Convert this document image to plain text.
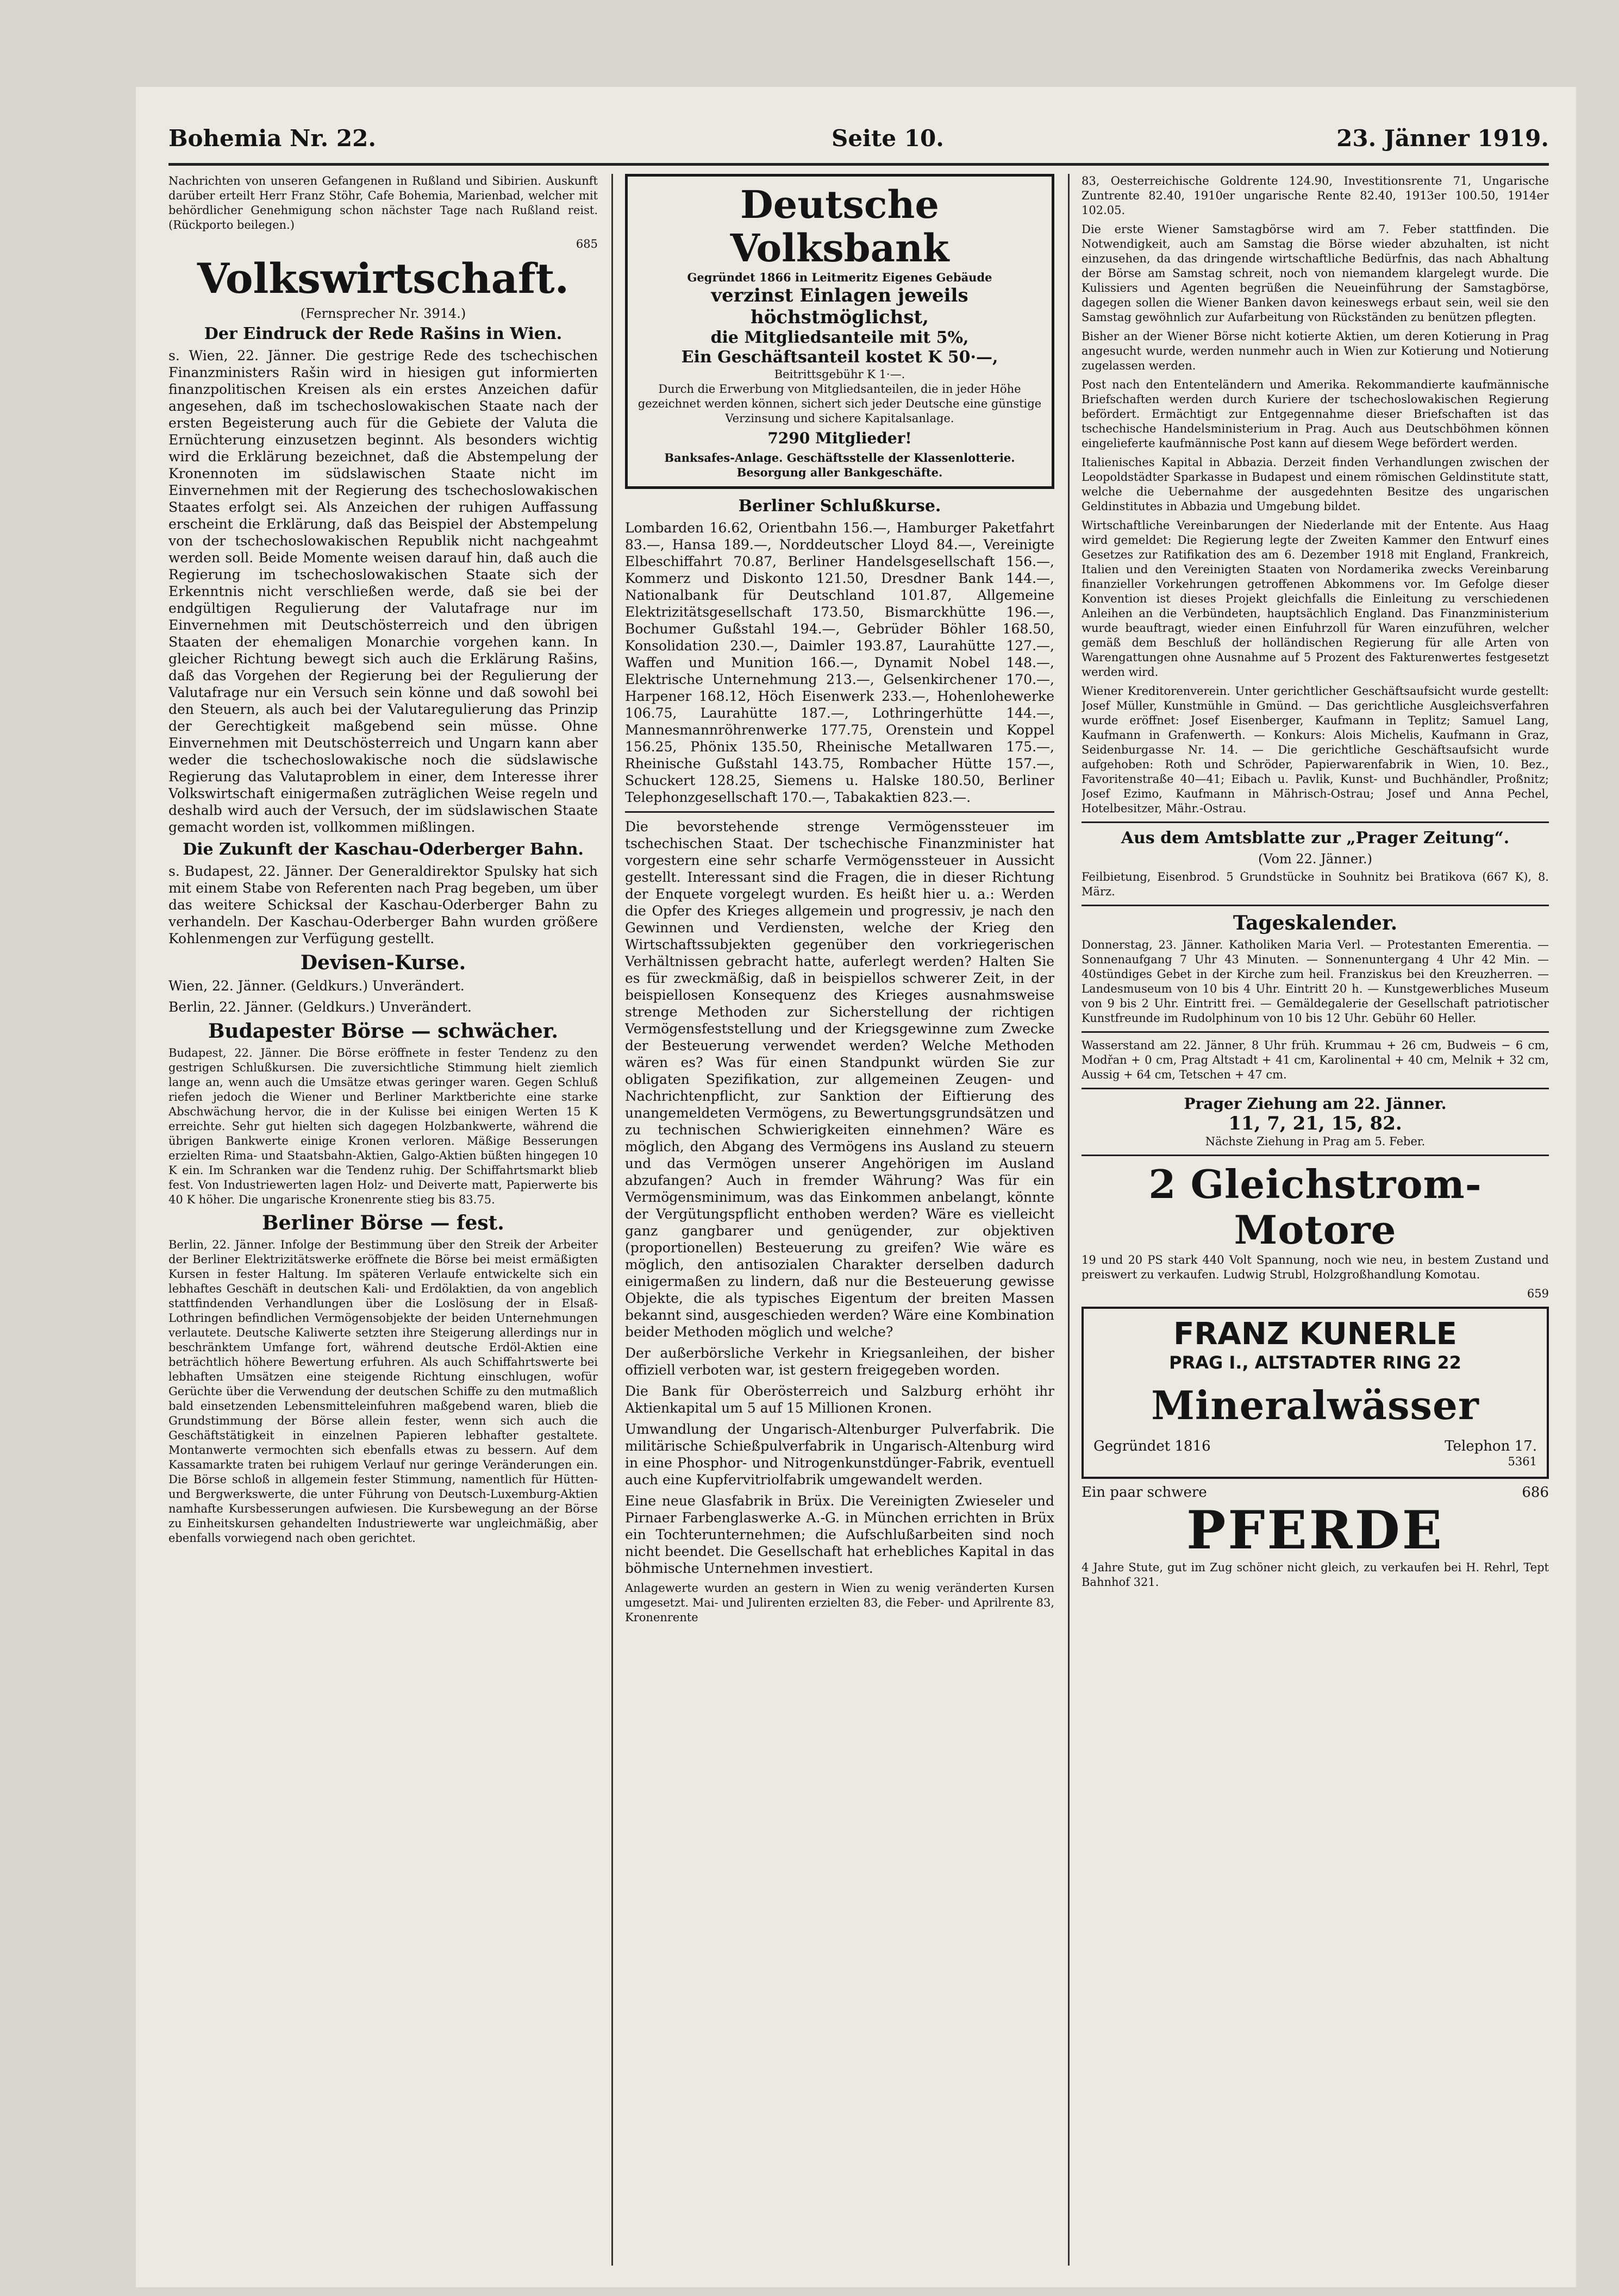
Bohemia Nr. 22.	Seite 10.	23. Jänner 1919.

Nachrichten von unseren Gefangenen in Rußland und Sibirien. Auskunft darüber erteilt Herr Franz Stöhr, Cafe Bohemia, Marienbad, welcher mit behördlicher Genehmigung schon nächster Tage nach Rußland reist. (Rückporto beilegen.)

685

Volkswirtschaft.
(Fernsprecher Nr. 3914.)
Der Eindruck der Rede Rašins in Wien.

s. Wien, 22. Jänner. Die gestrige Rede des tschechischen Finanzministers Rašin wird in hiesigen gut informierten finanzpolitischen Kreisen als ein erstes Anzeichen dafür angesehen, daß im tschechoslowakischen Staate nach der ersten Begeisterung auch für die Gebiete der Valuta die Ernüchterung einzusetzen beginnt. Als besonders wichtig wird die Erklärung bezeichnet, daß die Abstempelung der Kronennoten im südslawischen Staate nicht im Einvernehmen mit der Regierung des tschechoslowakischen Staates erfolgt sei. Als Anzeichen der ruhigen Auffassung erscheint die Erklärung, daß das Beispiel der Abstempelung von der tschechoslowakischen Republik nicht nachgeahmt werden soll. Beide Momente weisen darauf hin, daß auch die Regierung im tschechoslowakischen Staate sich der Erkenntnis nicht verschließen werde, daß sie bei der endgültigen Regulierung der Valutafrage nur im Einvernehmen mit Deutschösterreich und den übrigen Staaten der ehemaligen Monarchie vorgehen kann. In gleicher Richtung bewegt sich auch die Erklärung Rašins, daß das Vorgehen der Regierung bei der Regulierung der Valutafrage nur ein Versuch sein könne und daß sowohl bei den Steuern, als auch bei der Valutaregulierung das Prinzip der Gerechtigkeit maßgebend sein müsse. Ohne Einvernehmen mit Deutschösterreich und Ungarn kann aber weder die tschechoslowakische noch die südslawische Regierung das Valutaproblem in einer, dem Interesse ihrer Volkswirtschaft einigermaßen zuträglichen Weise regeln und deshalb wird auch der Versuch, der im südslawischen Staate gemacht worden ist, vollkommen mißlingen.

Die Zukunft der Kaschau-Oderberger Bahn.

s. Budapest, 22. Jänner. Der Generaldirektor Spulsky hat sich mit einem Stabe von Referenten nach Prag begeben, um über das weitere Schicksal der Kaschau-Oderberger Bahn zu verhandeln. Der Kaschau-Oderberger Bahn wurden größere Kohlenmengen zur Verfügung gestellt.

Devisen-Kurse.

Wien, 22. Jänner. (Geldkurs.) Unverändert.

Berlin, 22. Jänner. (Geldkurs.) Unverändert.

Budapester Börse — schwächer.

Budapest, 22. Jänner. Die Börse eröffnete in fester Tendenz zu den gestrigen Schlußkursen. Die zuversichtliche Stimmung hielt ziemlich lange an, wenn auch die Umsätze etwas geringer waren. Gegen Schluß riefen jedoch die Wiener und Berliner Marktberichte eine starke Abschwächung hervor, die in der Kulisse bei einigen Werten 15 K erreichte. Sehr gut hielten sich dagegen Holzbankwerte, während die übrigen Bankwerte einige Kronen verloren. Mäßige Besserungen erzielten Rima- und Staatsbahn-Aktien, Galgo-Aktien büßten hingegen 10 K ein. Im Schranken war die Tendenz ruhig. Der Schiffahrtsmarkt blieb fest. Von Industriewerten lagen Holz- und Deiverte matt, Papierwerte bis 40 K höher. Die ungarische Kronenrente stieg bis 83.75.

Berliner Börse — fest.

Berlin, 22. Jänner. Infolge der Bestimmung über den Streik der Arbeiter der Berliner Elektrizitätswerke eröffnete die Börse bei meist ermäßigten Kursen in fester Haltung. Im späteren Verlaufe entwickelte sich ein lebhaftes Geschäft in deutschen Kali- und Erdölaktien, da von angeblich stattfindenden Verhandlungen über die Loslösung der in Elsaß-Lothringen befindlichen Vermögensobjekte der beiden Unternehmungen verlautete. Deutsche Kaliwerte setzten ihre Steigerung allerdings nur in beschränktem Umfange fort, während deutsche Erdöl-Aktien eine beträchtlich höhere Bewertung erfuhren. Als auch Schiffahrtswerte bei lebhaften Umsätzen eine steigende Richtung einschlugen, wofür Gerüchte über die Verwendung der deutschen Schiffe zu den mutmaßlich bald einsetzenden Lebensmitteleinfuhren maßgebend waren, blieb die Grundstimmung der Börse allein fester, wenn sich auch die Geschäftstätigkeit in einzelnen Papieren lebhafter gestaltete. Montanwerte vermochten sich ebenfalls etwas zu bessern. Auf dem Kassamarkte traten bei ruhigem Verlauf nur geringe Veränderungen ein. Die Börse schloß in allgemein fester Stimmung, namentlich für Hütten- und Bergwerkswerte, die unter Führung von Deutsch-Luxemburg-Aktien namhafte Kursbesserungen aufwiesen. Die Kursbewegung an der Börse zu Einheitskursen gehandelten Industriewerte war ungleichmäßig, aber ebenfalls vorwiegend nach oben gerichtet.

Deutsche Volksbank
Gegründet 1866 in Leitmeritz Eigenes Gebäude
verzinst Einlagen jeweils höchstmöglichst,
die Mitgliedsanteile mit 5%,
Ein Geschäftsanteil kostet K 50·—,
Beitrittsgebühr K 1·—.
Durch die Erwerbung von Mitgliedsanteilen, die in jeder Höhe gezeichnet werden können, sichert sich jeder Deutsche eine günstige Verzinsung und sichere Kapitalsanlage.
7290 Mitglieder!
Banksafes-Anlage. Geschäftsstelle der Klassenlotterie. Besorgung aller Bankgeschäfte.
Berliner Schlußkurse.

Lombarden 16.62, Orientbahn 156.—, Hamburger Paketfahrt 83.—, Hansa 189.—, Norddeutscher Lloyd 84.—, Vereinigte Elbeschiffahrt 70.87, Berliner Handelsgesellschaft 156.—, Kommerz und Diskonto 121.50, Dresdner Bank 144.—, Nationalbank für Deutschland 101.87, Allgemeine Elektrizitätsgesellschaft 173.50, Bismarckhütte 196.—, Bochumer Gußstahl 194.—, Gebrüder Böhler 168.50, Konsolidation 230.—, Daimler 193.87, Laurahütte 127.—, Waffen und Munition 166.—, Dynamit Nobel 148.—, Elektrische Unternehmung 213.—, Gelsenkirchener 170.—, Harpener 168.12, Höch Eisenwerk 233.—, Hohenlohewerke 106.75, Laurahütte 187.—, Lothringerhütte 144.—, Mannesmannröhrenwerke 177.75, Orenstein und Koppel 156.25, Phönix 135.50, Rheinische Metallwaren 175.—, Rheinische Gußstahl 143.75, Rombacher Hütte 157.—, Schuckert 128.25, Siemens u. Halske 180.50, Berliner Telephonzgesellschaft 170.—, Tabakaktien 823.—.

Die bevorstehende strenge Vermögenssteuer im tschechischen Staat. Der tschechische Finanzminister hat vorgestern eine sehr scharfe Vermögenssteuer in Aussicht gestellt. Interessant sind die Fragen, die in dieser Richtung der Enquete vorgelegt wurden. Es heißt hier u. a.: Werden die Opfer des Krieges allgemein und progressiv, je nach den Gewinnen und Verdiensten, welche der Krieg den Wirtschaftssubjekten gegenüber den vorkriegerischen Verhältnissen gebracht hatte, auferlegt werden? Halten Sie es für zweckmäßig, daß in beispiellos schwerer Zeit, in der beispiellosen Konsequenz des Krieges ausnahmsweise strenge Methoden zur Sicherstellung der richtigen Vermögensfeststellung und der Kriegsgewinne zum Zwecke der Besteuerung verwendet werden? Welche Methoden wären es? Was für einen Standpunkt würden Sie zur obligaten Spezifikation, zur allgemeinen Zeugen- und Nachrichtenpflicht, zur Sanktion der Eiftierung des unangemeldeten Vermögens, zu Bewertungsgrundsätzen und zu technischen Schwierigkeiten einnehmen? Wäre es möglich, den Abgang des Vermögens ins Ausland zu steuern und das Vermögen unserer Angehörigen im Ausland abzufangen? Auch in fremder Währung? Was für ein Vermögensminimum, was das Einkommen anbelangt, könnte der Vergütungspflicht enthoben werden? Wäre es vielleicht ganz gangbarer und genügender, zur objektiven (proportionellen) Besteuerung zu greifen? Wie wäre es möglich, den antisozialen Charakter derselben dadurch einigermaßen zu lindern, daß nur die Besteuerung gewisse Objekte, die als typisches Eigentum der breiten Massen bekannt sind, ausgeschieden werden? Wäre eine Kombination beider Methoden möglich und welche?

Der außerbörsliche Verkehr in Kriegsanleihen, der bisher offiziell verboten war, ist gestern freigegeben worden.

Die Bank für Oberösterreich und Salzburg erhöht ihr Aktienkapital um 5 auf 15 Millionen Kronen.

Umwandlung der Ungarisch-Altenburger Pulverfabrik. Die militärische Schießpulverfabrik in Ungarisch-Altenburg wird in eine Phosphor- und Nitrogenkunstdünger-Fabrik, eventuell auch eine Kupfervitriolfabrik umgewandelt werden.

Eine neue Glasfabrik in Brüx. Die Vereinigten Zwieseler und Pirnaer Farbenglaswerke A.-G. in München errichten in Brüx ein Tochterunternehmen; die Aufschlußarbeiten sind noch nicht beendet. Die Gesellschaft hat erhebliches Kapital in das böhmische Unternehmen investiert.

Anlagewerte wurden an gestern in Wien zu wenig veränderten Kursen umgesetzt. Mai- und Julirenten erzielten 83, die Feber- und Aprilrente 83, Kronenrente

83, Oesterreichische Goldrente 124.90, Investitionsrente 71, Ungarische Zuntrente 82.40, 1910er ungarische Rente 82.40, 1913er 100.50, 1914er 102.05.

Die erste Wiener Samstagbörse wird am 7. Feber stattfinden. Die Notwendigkeit, auch am Samstag die Börse wieder abzuhalten, ist nicht einzusehen, da das dringende wirtschaftliche Bedürfnis, das nach Abhaltung der Börse am Samstag schreit, noch von niemandem klargelegt wurde. Die Kulissiers und Agenten begrüßen die Neueinführung der Samstagbörse, dagegen sollen die Wiener Banken davon keineswegs erbaut sein, weil sie den Samstag gewöhnlich zur Aufarbeitung von Rückständen zu benützen pflegten.

Bisher an der Wiener Börse nicht kotierte Aktien, um deren Kotierung in Prag angesucht wurde, werden nunmehr auch in Wien zur Kotierung und Notierung zugelassen werden.

Post nach den Ententeländern und Amerika. Rekommandierte kaufmännische Briefschaften werden durch Kuriere der tschechoslowakischen Regierung befördert. Ermächtigt zur Entgegennahme dieser Briefschaften ist das tschechische Handelsministerium in Prag. Auch aus Deutschböhmen können eingelieferte kaufmännische Post kann auf diesem Wege befördert werden.

Italienisches Kapital in Abbazia. Derzeit finden Verhandlungen zwischen der Leopoldstädter Sparkasse in Budapest und einem römischen Geldinstitute statt, welche die Uebernahme der ausgedehnten Besitze des ungarischen Geldinstitutes in Abbazia und Umgebung bildet.

Wirtschaftliche Vereinbarungen der Niederlande mit der Entente. Aus Haag wird gemeldet: Die Regierung legte der Zweiten Kammer den Entwurf eines Gesetzes zur Ratifikation des am 6. Dezember 1918 mit England, Frankreich, Italien und den Vereinigten Staaten von Nordamerika zwecks Vereinbarung finanzieller Vorkehrungen getroffenen Abkommens vor. Im Gefolge dieser Konvention ist dieses Projekt gleichfalls die Einleitung zu verschiedenen Anleihen an die Verbündeten, hauptsächlich England. Das Finanzministerium wurde beauftragt, wieder einen Einfuhrzoll für Waren einzuführen, welcher gemäß dem Beschluß der holländischen Regierung für alle Arten von Warengattungen ohne Ausnahme auf 5 Prozent des Fakturenwertes festgesetzt werden wird.

Wiener Kreditorenverein. Unter gerichtlicher Geschäftsaufsicht wurde gestellt: Josef Müller, Kunstmühle in Gmünd. — Das gerichtliche Ausgleichsverfahren wurde eröffnet: Josef Eisenberger, Kaufmann in Teplitz; Samuel Lang, Kaufmann in Grafenwerth. — Konkurs: Alois Michelis, Kaufmann in Graz, Seidenburgasse Nr. 14. — Die gerichtliche Geschäftsaufsicht wurde aufgehoben: Roth und Schröder, Papierwarenfabrik in Wien, 10. Bez., Favoritenstraße 40—41; Eibach u. Pavlik, Kunst- und Buchhändler, Proßnitz; Josef Ezimo, Kaufmann in Mährisch-Ostrau; Josef und Anna Pechel, Hotelbesitzer, Mähr.-Ostrau.

Aus dem Amtsblatte zur „Prager Zeitung“.
(Vom 22. Jänner.)

Feilbietung, Eisenbrod. 5 Grundstücke in Souhnitz bei Bratikova (667 K), 8. März.

Tageskalender.

Donnerstag, 23. Jänner. Katholiken Maria Verl. — Protestanten Emerentia. — Sonnenaufgang 7 Uhr 43 Minuten. — Sonnenuntergang 4 Uhr 42 Min. — 40stündiges Gebet in der Kirche zum heil. Franziskus bei den Kreuzherren. — Landesmuseum von 10 bis 4 Uhr. Eintritt 20 h. — Kunstgewerbliches Museum von 9 bis 2 Uhr. Eintritt frei. — Gemäldegalerie der Gesellschaft patriotischer Kunstfreunde im Rudolphinum von 10 bis 12 Uhr. Gebühr 60 Heller.

Wasserstand am 22. Jänner, 8 Uhr früh. Krummau + 26 cm, Budweis − 6 cm, Modřan + 0 cm, Prag Altstadt + 41 cm, Karolinental + 40 cm, Melnik + 32 cm, Aussig + 64 cm, Tetschen + 47 cm.

Prager Ziehung am 22. Jänner.
11, 7, 21, 15, 82.
Nächste Ziehung in Prag am 5. Feber.
2 Gleichstrom-Motore

19 und 20 PS stark 440 Volt Spannung, noch wie neu, in bestem Zustand und preiswert zu verkaufen. Ludwig Strubl, Holzgroßhandlung Komotau.

659

FRANZ KUNERLE
PRAG I., ALTSTADTER RING 22
Mineralwässer
Gegründet 1816	Telephon 17.
5361
Ein paar schwere	686
PFERDE

4 Jahre Stute, gut im Zug schöner nicht gleich, zu verkaufen bei H. Rehrl, Tept Bahnhof 321.
